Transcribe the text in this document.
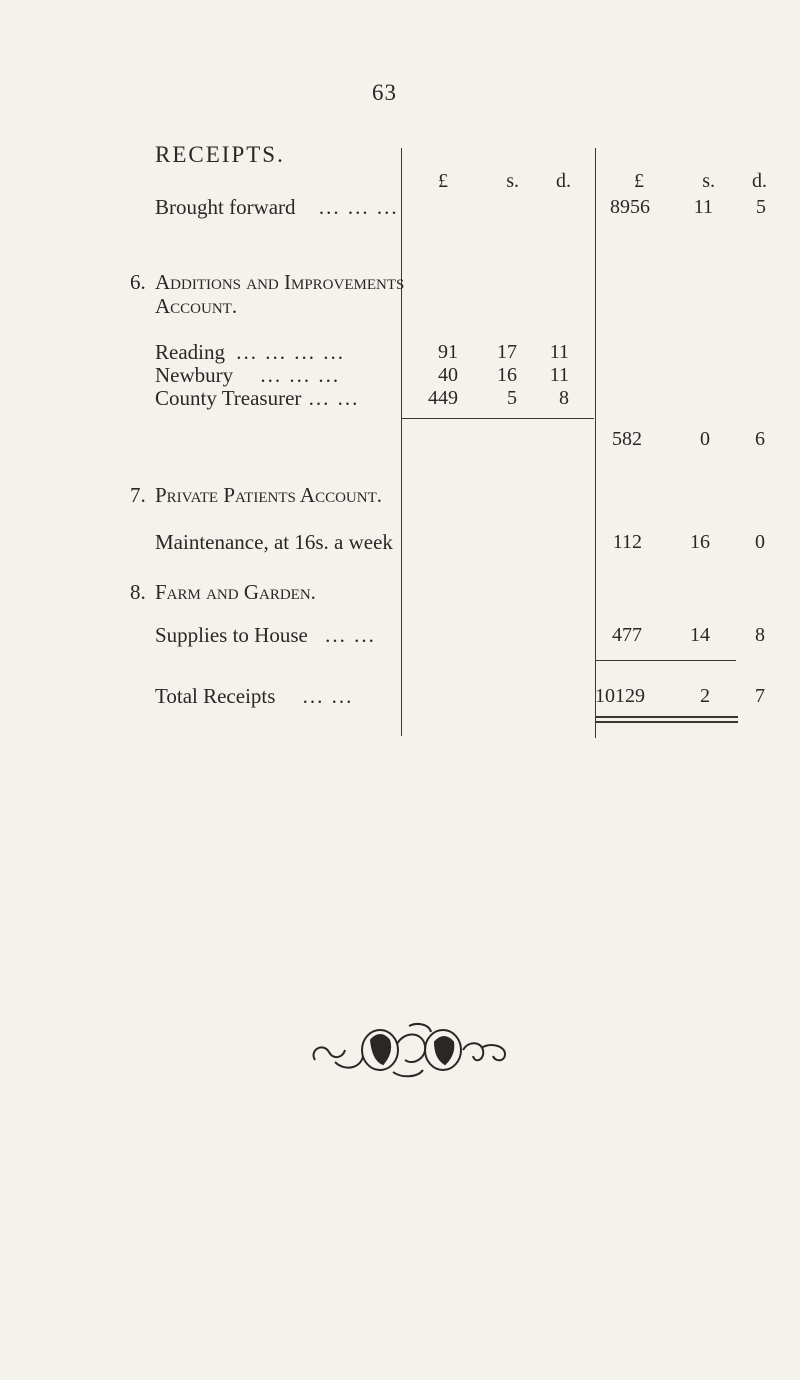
63
RECEIPTS.
£	s.	d.	£	s.	d.
Brought forward ... ... ...	8956	11	5
6. Additions and Improvements
Account.
Reading ... ... ... ...	91	17	11
Newbury ... ... ...	40	16	11
County Treasurer ... ...	449	5	8
582	0	6
7. Private Patients Account.
Maintenance, at 16s. a week	112	16	0
8. Farm and Garden.
Supplies to House ... ...	477	14	8
Total Receipts ... ...	10129	2	7
